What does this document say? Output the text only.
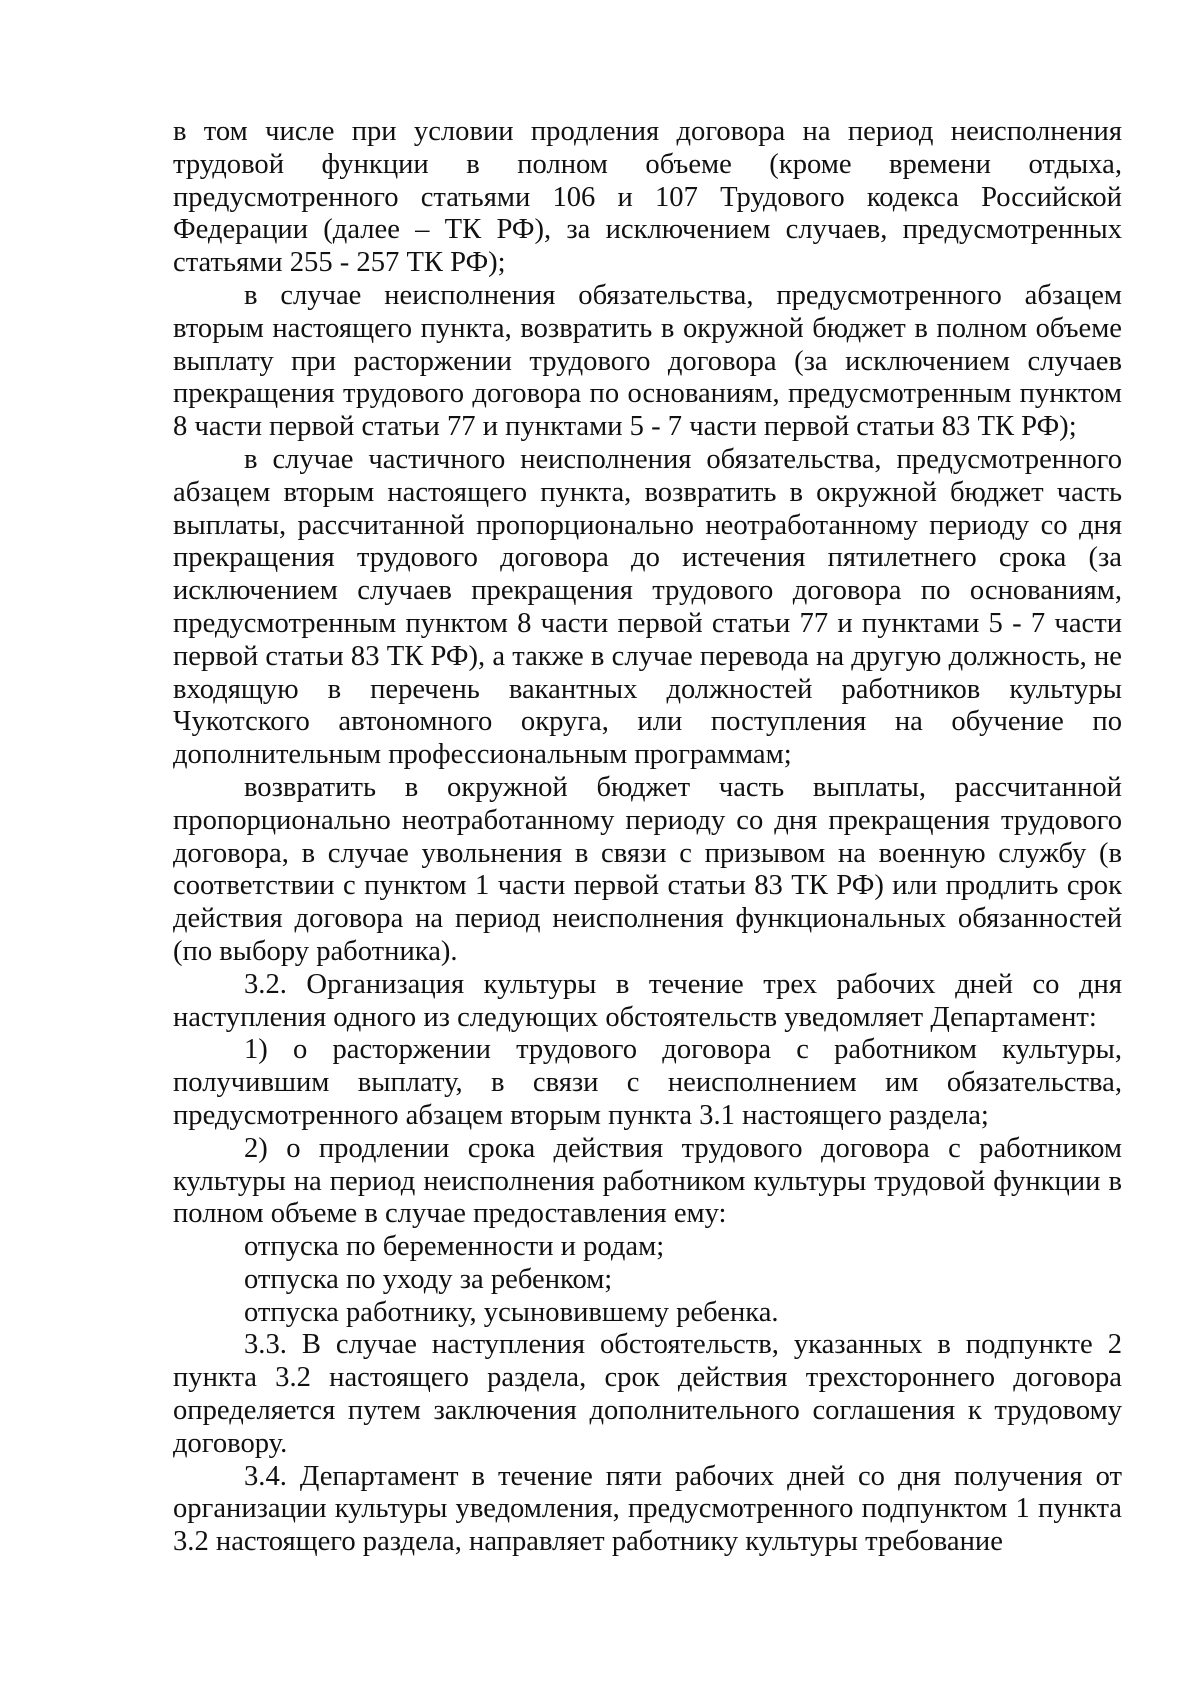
в том числе при условии продления договора на период неисполнения трудовой функции в полном объеме (кроме времени отдыха, предусмотренного статьями 106 и 107 Трудового кодекса Российской Федерации (далее – ТК РФ), за исключением случаев, предусмотренных статьями 255 - 257 ТК РФ);

в случае неисполнения обязательства, предусмотренного абзацем вторым настоящего пункта, возвратить в окружной бюджет в полном объеме выплату при расторжении трудового договора (за исключением случаев прекращения трудового договора по основаниям, предусмотренным пунктом 8 части первой статьи 77 и пунктами 5 - 7 части первой статьи 83 ТК РФ);

в случае частичного неисполнения обязательства, предусмотренного абзацем вторым настоящего пункта, возвратить в окружной бюджет часть выплаты, рассчитанной пропорционально неотработанному периоду со дня прекращения трудового договора до истечения пятилетнего срока (за исключением случаев прекращения трудового договора по основаниям, предусмотренным пунктом 8 части первой статьи 77 и пунктами 5 - 7 части первой статьи 83 ТК РФ), а также в случае перевода на другую должность, не входящую в перечень вакантных должностей работников культуры Чукотского автономного округа, или поступления на обучение по дополнительным профессиональным программам;

возвратить в окружной бюджет часть выплаты, рассчитанной пропорционально неотработанному периоду со дня прекращения трудового договора, в случае увольнения в связи с призывом на военную службу (в соответствии с пунктом 1 части первой статьи 83 ТК РФ) или продлить срок действия договора на период неисполнения функциональных обязанностей (по выбору работника).

3.2. Организация культуры в течение трех рабочих дней со дня наступления одного из следующих обстоятельств уведомляет Департамент:

1) о расторжении трудового договора с работником культуры, получившим выплату, в связи с неисполнением им обязательства, предусмотренного абзацем вторым пункта 3.1 настоящего раздела;

2) о продлении срока действия трудового договора с работником культуры на период неисполнения работником культуры трудовой функции в полном объеме в случае предоставления ему:

отпуска по беременности и родам;

отпуска по уходу за ребенком;

отпуска работнику, усыновившему ребенка.

3.3. В случае наступления обстоятельств, указанных в подпункте 2 пункта 3.2 настоящего раздела, срок действия трехстороннего договора определяется путем заключения дополнительного соглашения к трудовому договору.

3.4. Департамент в течение пяти рабочих дней со дня получения от организации культуры уведомления, предусмотренного подпунктом 1 пункта 3.2 настоящего раздела, направляет работнику культуры требование
